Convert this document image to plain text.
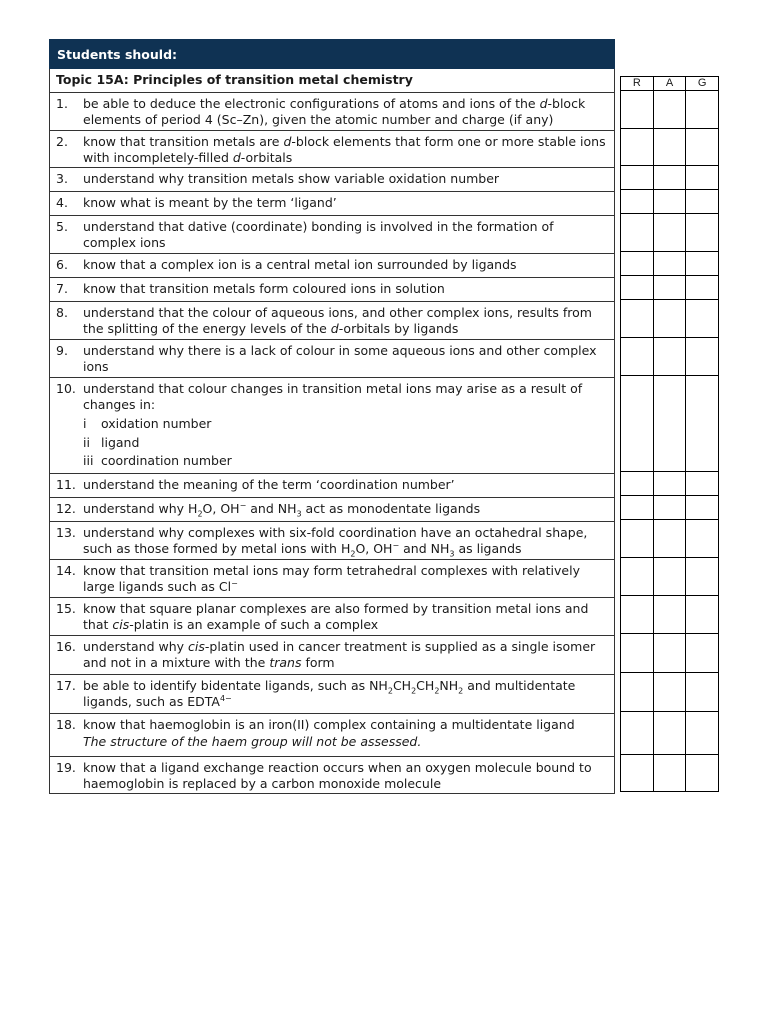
Students should:
Topic 15A: Principles of transition metal chemistry
1.	be able to deduce the electronic configurations of atoms and ions of the d-block elements of period 4 (Sc–Zn), given the atomic number and charge (if any)
2.	know that transition metals are d-block elements that form one or more stable ions with incompletely-filled d-orbitals
3.	understand why transition metals show variable oxidation number
4.	know what is meant by the term ‘ligand’
5.	understand that dative (coordinate) bonding is involved in the formation of complex ions
6.	know that a complex ion is a central metal ion surrounded by ligands
7.	know that transition metals form coloured ions in solution
8.	understand that the colour of aqueous ions, and other complex ions, results from the splitting of the energy levels of the d-orbitals by ligands
9.	understand why there is a lack of colour in some aqueous ions and other complex ions
10. understand that colour changes in transition metal ions may arise as a result of changes in:
i oxidation number
ii ligand
iii coordination number
11. understand the meaning of the term ‘coordination number’
12. understand why $H_2O$, OH− and $NH_3$ act as monodentate ligands
13. understand why complexes with six-fold coordination have an octahedral shape, such as those formed by metal ions with $H_2O$, OH− and $NH_3$ as ligands
14. know that transition metal ions may form tetrahedral complexes with relatively large ligands such as Cl−
15. know that square planar complexes are also formed by transition metal ions and that cis-platin is an example of such a complex
16. understand why cis-platin used in cancer treatment is supplied as a single isomer and not in a mixture with the trans form
17. be able to identify bidentate ligands, such as $NH_2CH_2CH_2NH_2$ and multidentate ligands, such as $EDTA^{4-}$
18. know that haemoglobin is an iron(II) complex containing a multidentate ligand
The structure of the haem group will not be assessed.
19. know that a ligand exchange reaction occurs when an oxygen molecule bound to haemoglobin is replaced by a carbon monoxide molecule
R	A	G
